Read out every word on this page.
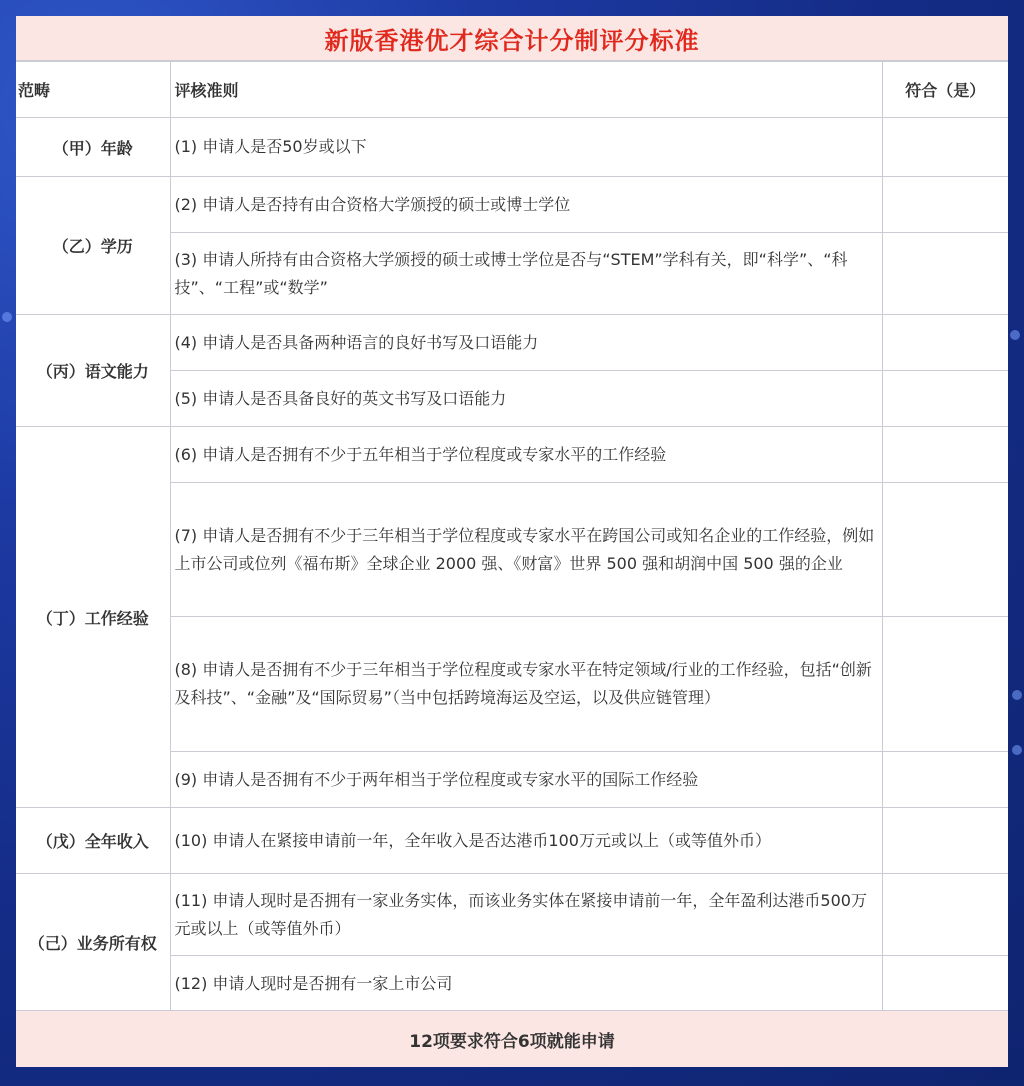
新版香港优才综合计分制评分标准
范畴	评核准则	符合（是）
（甲）年龄	(1) 申请人是否50岁或以下	
（乙）学历	(2) 申请人是否持有由合资格大学颁授的硕士或博士学位	
	(3) 申请人所持有由合资格大学颁授的硕士或博士学位是否与“STEM”学科有关，即“科学”、“科技”、“工程”或“数学”	
（丙）语文能力	(4) 申请人是否具备两种语言的良好书写及口语能力	
	(5) 申请人是否具备良好的英文书写及口语能力	
（丁）工作经验	(6) 申请人是否拥有不少于五年相当于学位程度或专家水平的工作经验	
	(7) 申请人是否拥有不少于三年相当于学位程度或专家水平在跨国公司或知名企业的工作经验，例如上市公司或位列《福布斯》全球企业 2000 强、《财富》世界 500 强和胡润中国 500 强的企业	
	(8) 申请人是否拥有不少于三年相当于学位程度或专家水平在特定领域/行业的工作经验，包括“创新及科技”、“金融”及“国际贸易”（当中包括跨境海运及空运，以及供应链管理）	
	(9) 申请人是否拥有不少于两年相当于学位程度或专家水平的国际工作经验	
（戊）全年收入	(10) 申请人在紧接申请前一年，全年收入是否达港币100万元或以上（或等值外币）	
（己）业务所有权	(11) 申请人现时是否拥有一家业务实体，而该业务实体在紧接申请前一年，全年盈利达港币500万元或以上（或等值外币）	
	(12) 申请人现时是否拥有一家上市公司	
12项要求符合6项就能申请
